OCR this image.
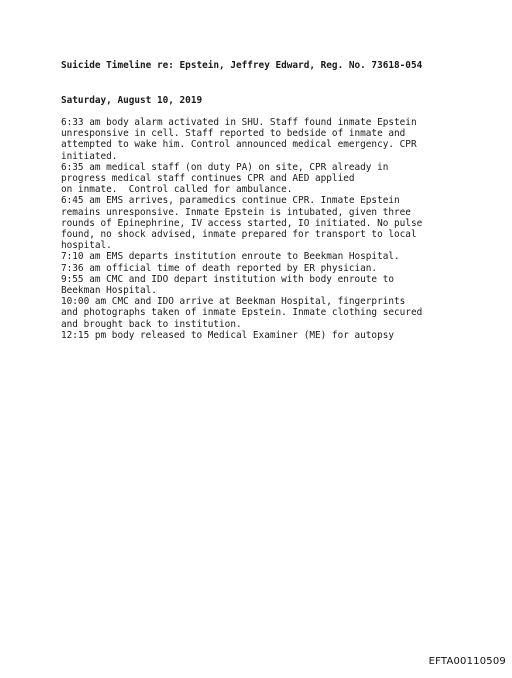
Suicide Timeline re: Epstein, Jeffrey Edward, Reg. No. 73618-054
Saturday, August 10, 2019
6:33 am body alarm activated in SHU. Staff found inmate Epstein
unresponsive in cell. Staff reported to bedside of inmate and
attempted to wake him. Control announced medical emergency. CPR
initiated.
6:35 am medical staff (on duty PA) on site, CPR already in
progress medical staff continues CPR and AED applied
on inmate.  Control called for ambulance.
6:45 am EMS arrives, paramedics continue CPR. Inmate Epstein
remains unresponsive. Inmate Epstein is intubated, given three
rounds of Epinephrine, IV access started, IO initiated. No pulse
found, no shock advised, inmate prepared for transport to local
hospital.
7:10 am EMS departs institution enroute to Beekman Hospital.
7:36 am official time of death reported by ER physician.
9:55 am CMC and IDO depart institution with body enroute to
Beekman Hospital.
10:00 am CMC and IDO arrive at Beekman Hospital, fingerprints
and photographs taken of inmate Epstein. Inmate clothing secured
and brought back to institution.
12:15 pm body released to Medical Examiner (ME) for autopsy
EFTA00110509
